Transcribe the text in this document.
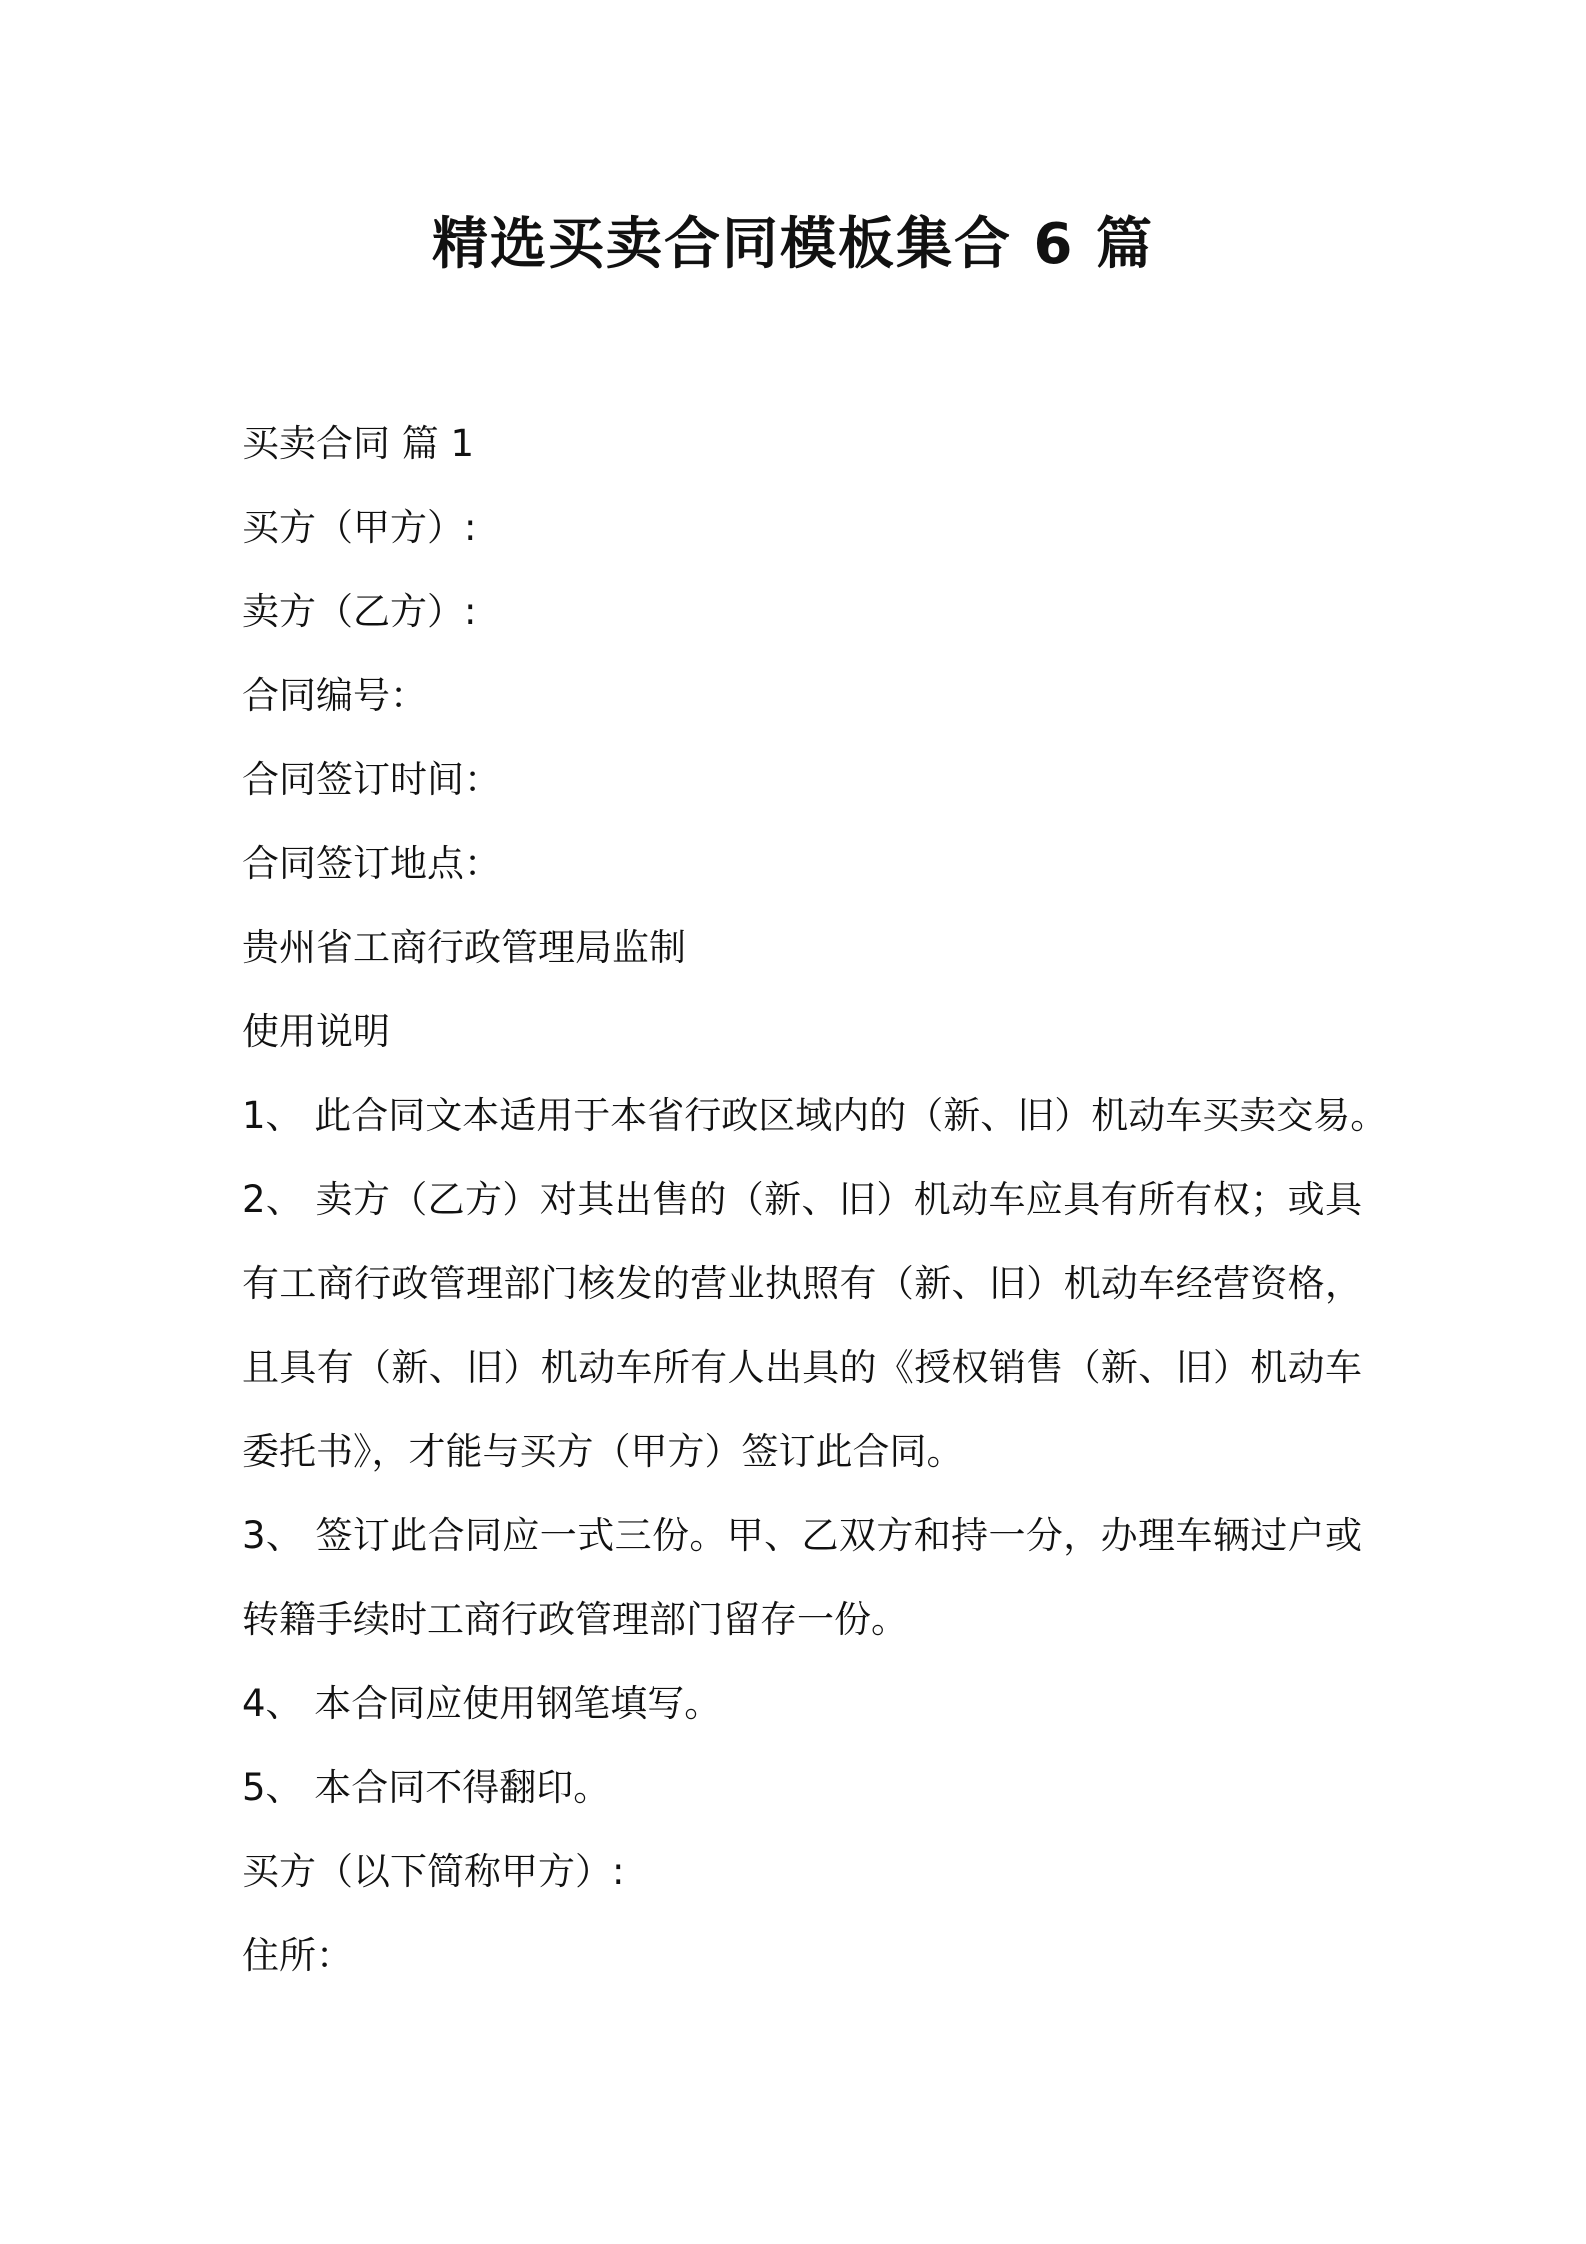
精选买卖合同模板集合 6 篇

买卖合同 篇 1

买方（甲方）:

卖方（乙方）:

合同编号：

合同签订时间：

合同签订地点：

贵州省工商行政管理局监制

使用说明

1、 此合同文本适用于本省行政区域内的（新、旧）机动车买卖交易。

2、 卖方（乙方）对其出售的（新、旧）机动车应具有所有权；或具有工商行政管理部门核发的营业执照有（新、旧）机动车经营资格，且具有（新、旧）机动车所有人出具的《授权销售（新、旧）机动车委托书》，才能与买方（甲方）签订此合同。

3、 签订此合同应一式三份。甲、乙双方和持一分，办理车辆过户或转籍手续时工商行政管理部门留存一份。

4、 本合同应使用钢笔填写。

5、 本合同不得翻印。

买方（以下简称甲方）:

住所：
